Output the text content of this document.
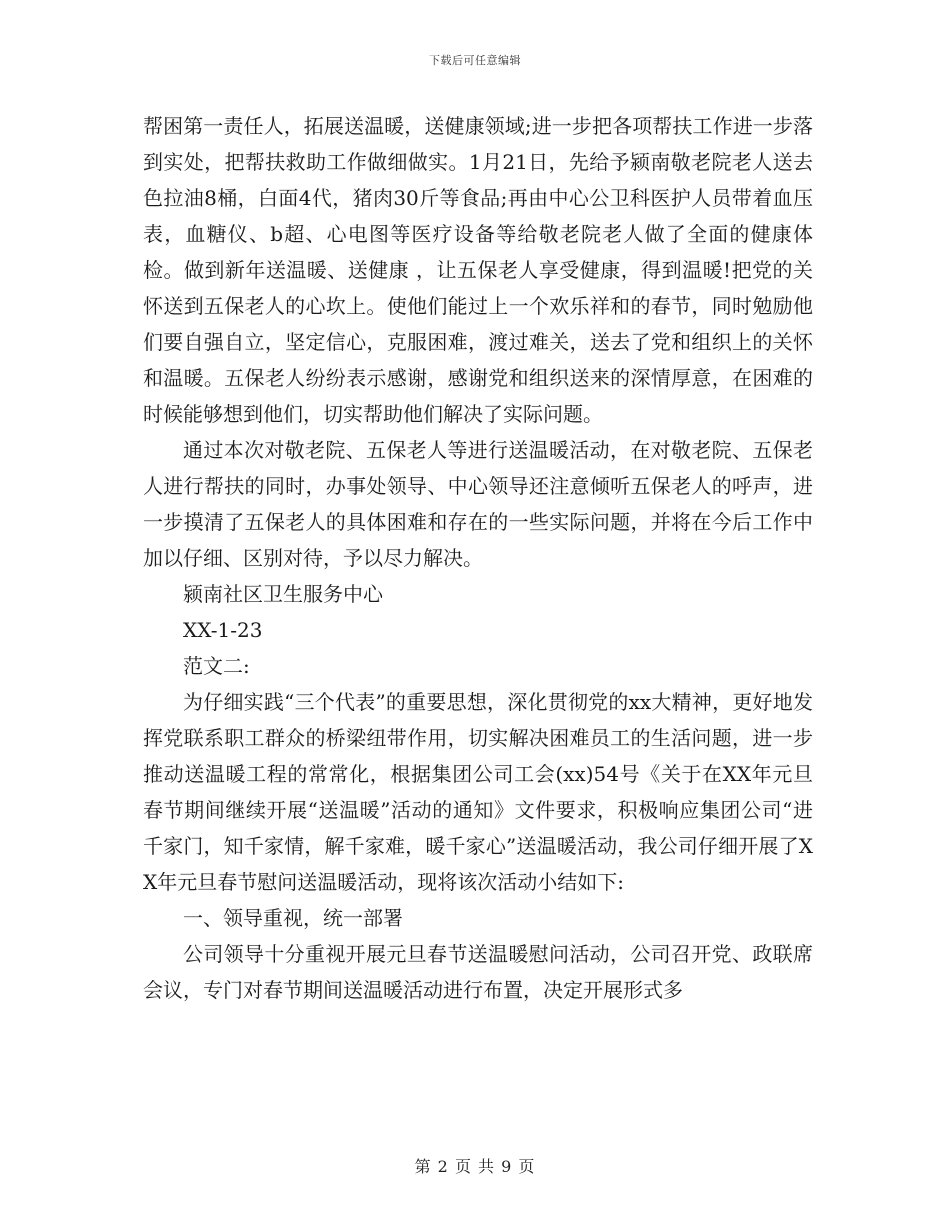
下载后可任意编辑

帮困第一责任人，拓展送温暖，送健康领域;进一步把各项帮扶工作进一步落到实处，把帮扶救助工作做细做实。1月21日，先给予颍南敬老院老人送去色拉油8桶，白面4代，猪肉30斤等食品;再由中心公卫科医护人员带着血压表，血糖仪、b超、心电图等医疗设备等给敬老院老人做了全面的健康体检。做到新年送温暖、送健康 ，让五保老人享受健康，得到温暖!把党的关怀送到五保老人的心坎上。使他们能过上一个欢乐祥和的春节，同时勉励他们要自强自立，坚定信心，克服困难，渡过难关，送去了党和组织上的关怀和温暖。五保老人纷纷表示感谢，感谢党和组织送来的深情厚意，在困难的时候能够想到他们，切实帮助他们解决了实际问题。

通过本次对敬老院、五保老人等进行送温暖活动，在对敬老院、五保老人进行帮扶的同时，办事处领导、中心领导还注意倾听五保老人的呼声，进一步摸清了五保老人的具体困难和存在的一些实际问题，并将在今后工作中加以仔细、区别对待，予以尽力解决。

颍南社区卫生服务中心

XX-1-23

范文二:

为仔细实践“三个代表”的重要思想，深化贯彻党的xx大精神，更好地发挥党联系职工群众的桥梁纽带作用，切实解决困难员工的生活问题，进一步推动送温暖工程的常常化，根据集团公司工会(xx)54号《关于在XX年元旦春节期间继续开展“送温暖”活动的通知》文件要求，积极响应集团公司“进千家门，知千家情，解千家难，暖千家心”送温暖活动，我公司仔细开展了XX年元旦春节慰问送温暖活动，现将该次活动小结如下:

一、领导重视，统一部署

公司领导十分重视开展元旦春节送温暖慰问活动，公司召开党、政联席会议，专门对春节期间送温暖活动进行布置，决定开展形式多

第 2 页 共 9 页
